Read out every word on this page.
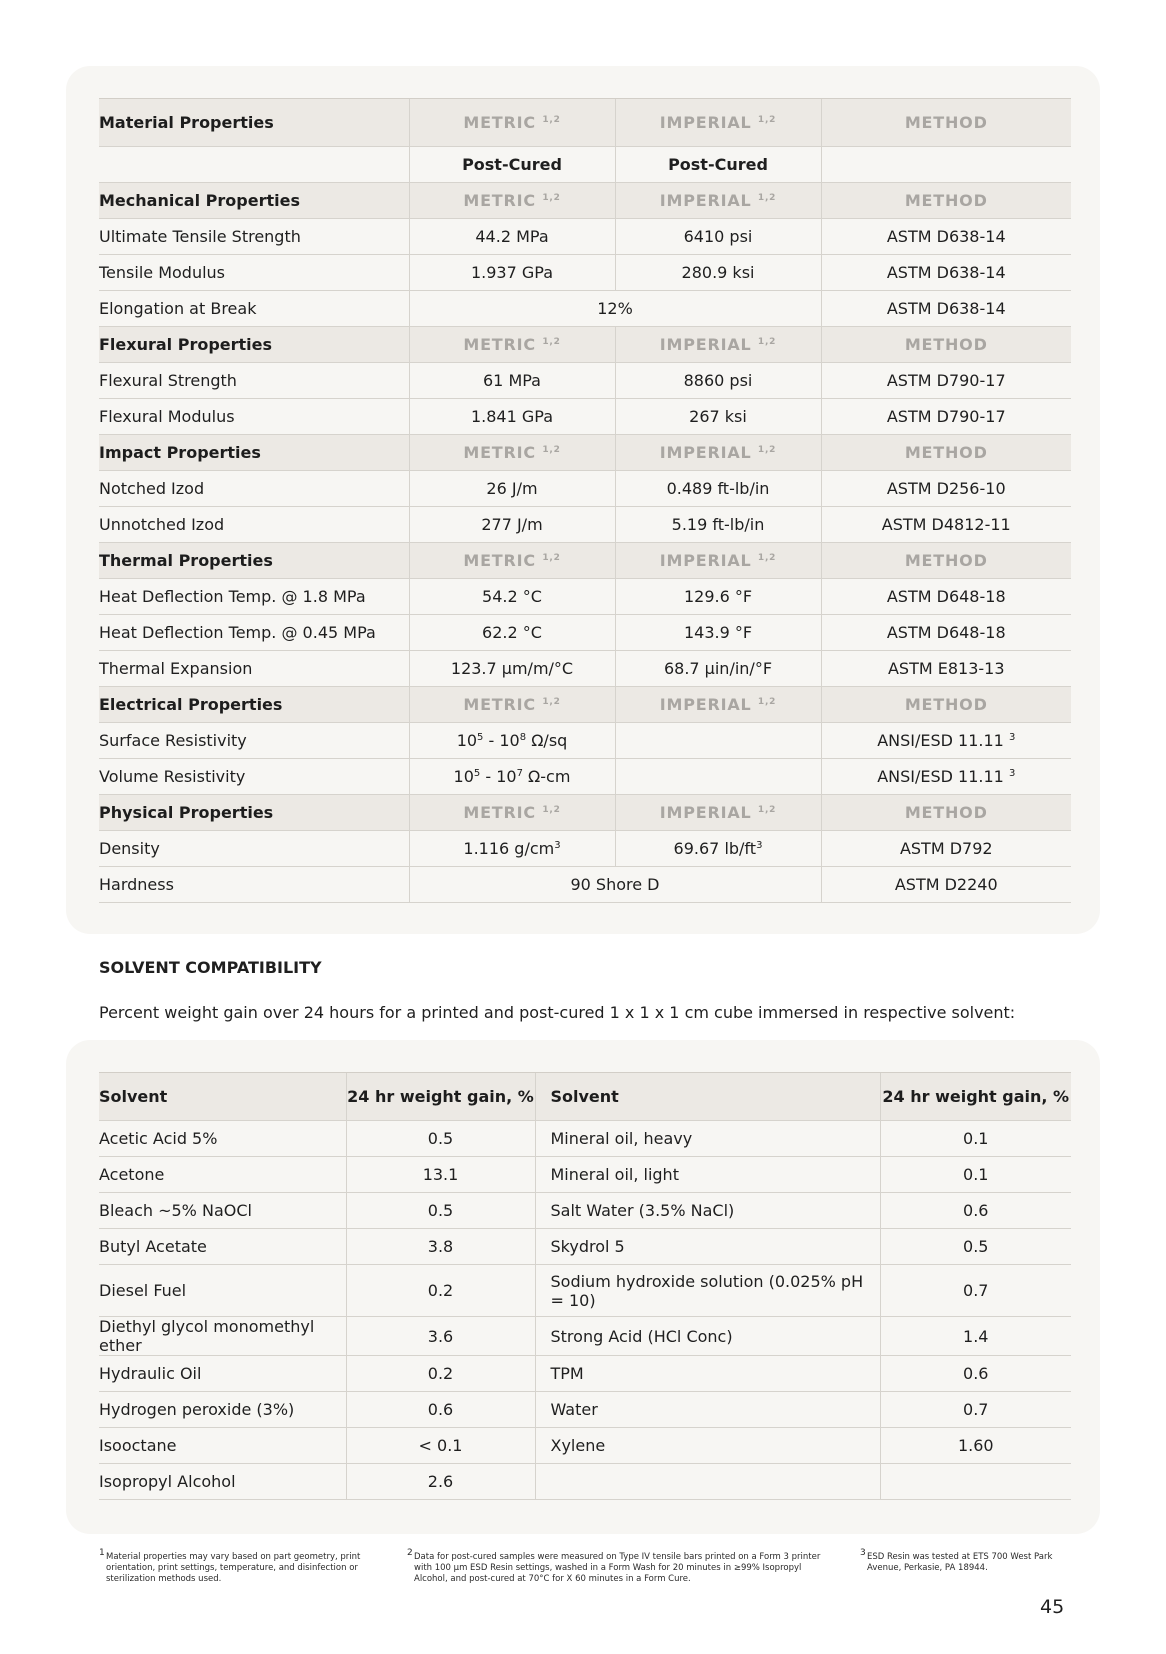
Material Properties	METRIC $^{1,2}$	IMPERIAL $^{1,2}$	METHOD
	Post-Cured	Post-Cured	
Mechanical Properties	METRIC $^{1,2}$	IMPERIAL $^{1,2}$	METHOD
Ultimate Tensile Strength	44.2 MPa	6410 psi	ASTM D638-14
Tensile Modulus	1.937 GPa	280.9 ksi	ASTM D638-14
Elongation at Break	12%		ASTM D638-14
Flexural Properties	METRIC $^{1,2}$	IMPERIAL $^{1,2}$	METHOD
Flexural Strength	61 MPa	8860 psi	ASTM D790-17
Flexural Modulus	1.841 GPa	267 ksi	ASTM D790-17
Impact Properties	METRIC $^{1,2}$	IMPERIAL $^{1,2}$	METHOD
Notched Izod	26 J/m	0.489 ft-lb/in	ASTM D256-10
Unnotched Izod	277 J/m	5.19 ft-lb/in	ASTM D4812-11
Thermal Properties	METRIC $^{1,2}$	IMPERIAL $^{1,2}$	METHOD
Heat Deflection Temp. @ 1.8 MPa	54.2 °C	129.6 °F	ASTM D648-18
Heat Deflection Temp. @ 0.45 MPa	62.2 °C	143.9 °F	ASTM D648-18
Thermal Expansion	123.7 μm/m/°C	68.7 μin/in/°F	ASTM E813-13
Electrical Properties	METRIC $^{1,2}$	IMPERIAL $^{1,2}$	METHOD
Surface Resistivity	$10^5 - 10^8$ Ω/sq		ANSI/ESD 11.11 $^3$
Volume Resistivity	$10^5 - 10^7$ Ω-cm		ANSI/ESD 11.11 $^3$
Physical Properties	METRIC $^{1,2}$	IMPERIAL $^{1,2}$	METHOD
Density	1.116 $g/cm^3$	69.67 $lb/ft^3$	ASTM D792
Hardness	90 Shore D		ASTM D2240
SOLVENT COMPATIBILITY
Percent weight gain over 24 hours for a printed and post-cured 1 x 1 x 1 cm cube immersed in respective solvent:
Solvent	24 hr weight gain, %	Solvent	24 hr weight gain, %
Acetic Acid 5%	0.5	Mineral oil, heavy	0.1
Acetone	13.1	Mineral oil, light	0.1
Bleach ~5% NaOCl	0.5	Salt Water (3.5% NaCl)	0.6
Butyl Acetate	3.8	Skydrol 5	0.5
Diesel Fuel	0.2	Sodium hydroxide solution (0.025% pH = 10)	0.7
Diethyl glycol monomethyl ether	3.6	Strong Acid (HCl Conc)	1.4
Hydraulic Oil	0.2	TPM	0.6
Hydrogen peroxide (3%)	0.6	Water	0.7
Isooctane	< 0.1	Xylene	1.60
Isopropyl Alcohol	2.6		
1 Material properties may vary based on part geometry, print orientation, print settings, temperature, and disinfection or sterilization methods used.
2 Data for post-cured samples were measured on Type IV tensile bars printed on a Form 3 printer with 100 μm ESD Resin settings, washed in a Form Wash for 20 minutes in ≥99% Isopropyl Alcohol, and post-cured at 70°C for X 60 minutes in a Form Cure.
3 ESD Resin was tested at ETS 700 West Park Avenue, Perkasie, PA 18944.
45
